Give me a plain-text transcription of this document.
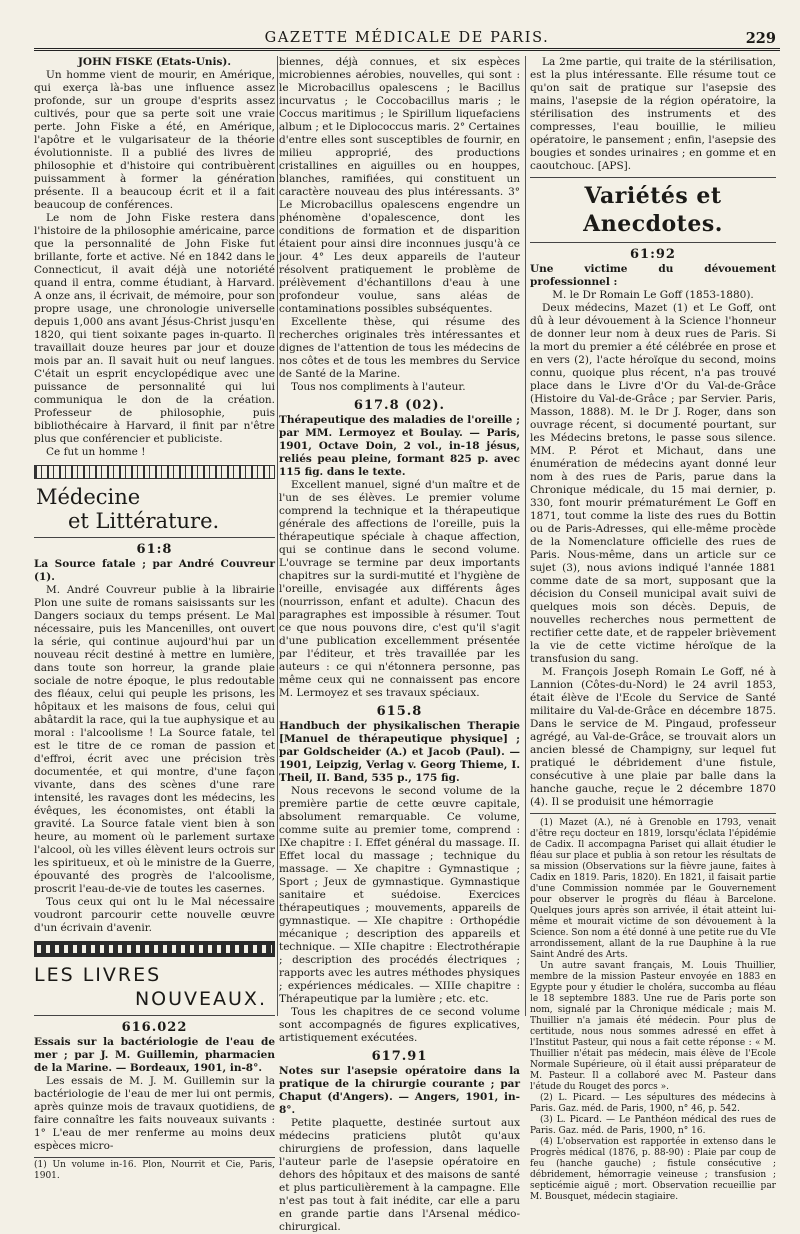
GAZETTE MÉDICALE DE PARIS.	229

JOHN FISKE (Etats-Unis).

Un homme vient de mourir, en Amérique, qui exerça là-bas une influence assez profonde, sur un groupe d'esprits assez cultivés, pour que sa perte soit une vraie perte. John Fiske a été, en Amérique, l'apôtre et le vulgarisateur de la théorie évolutionniste. Il a publié des livres de philosophie et d'histoire qui contribuèrent puissamment à former la génération présente. Il a beaucoup écrit et il a fait beaucoup de conférences.

Le nom de John Fiske restera dans l'histoire de la philosophie américaine, parce que la personnalité de John Fiske fut brillante, forte et active. Né en 1842 dans le Connecticut, il avait déjà une notoriété quand il entra, comme étudiant, à Harvard. A onze ans, il écrivait, de mémoire, pour son propre usage, une chronologie universelle depuis 1,000 ans avant Jésus-Christ jusqu'en 1820, qui tient soixante pages in-quarto. Il travaillait douze heures par jour et douze mois par an. Il savait huit ou neuf langues. C'était un esprit encyclopédique avec une puissance de personnalité qui lui communiqua le don de la création. Professeur de philosophie, puis bibliothécaire à Harvard, il finit par n'être plus que conférencier et publiciste.

Ce fut un homme !

Médecine
et Littérature.

61:8

La Source fatale ; par André Couvreur (1).

M. André Couvreur publie à la librairie Plon une suite de romans saisissants sur les Dangers sociaux du temps présent. Le Mal nécessaire, puis les Mancenilles, ont ouvert la série, qui continue aujourd'hui par un nouveau récit destiné à mettre en lumière, dans toute son horreur, la grande plaie sociale de notre époque, le plus redoutable des fléaux, celui qui peuple les prisons, les hôpitaux et les maisons de fous, celui qui abâtardit la race, qui la tue auphysique et au moral : l'alcoolisme ! La Source fatale, tel est le titre de ce roman de passion et d'effroi, écrit avec une précision très documentée, et qui montre, d'une façon vivante, dans des scènes d'une rare intensité, les ravages dont les médecins, les évêques, les économistes, ont établi la gravité. La Source fatale vient bien à son heure, au moment où le parlement surtaxe l'alcool, où les villes élèvent leurs octrois sur les spiritueux, et où le ministre de la Guerre, épouvanté des progrès de l'alcoolisme, proscrit l'eau-de-vie de toutes les casernes.

Tous ceux qui ont lu le Mal nécessaire voudront parcourir cette nouvelle œuvre d'un écrivain d'avenir.

LES LIVRES
NOUVEAUX.

616.022

Essais sur la bactériologie de l'eau de mer ; par J. M. Guillemin, pharmacien de la Marine. — Bordeaux, 1901, in-8°.

Les essais de M. J. M. Guillemin sur la bactériologie de l'eau de mer lui ont permis, après quinze mois de travaux quotidiens, de faire connaître les faits nouveaux suivants : 1° L'eau de mer renferme au moins deux espèces micro-

(1) Un volume in-16. Plon, Nourrit et Cie, Paris, 1901.

biennes, déjà connues, et six espèces microbiennes aérobies, nouvelles, qui sont : le Microbacillus opalescens ; le Bacillus incurvatus ; le Coccobacillus maris ; le Coccus maritimus ; le Spirillum liquefaciens album ; et le Diplococcus maris. 2° Certaines d'entre elles sont susceptibles de fournir, en milieu approprié, des productions cristallines en aiguilles ou en houppes, blanches, ramifiées, qui constituent un caractère nouveau des plus intéressants. 3° Le Microbacillus opalescens engendre un phénomène d'opalescence, dont les conditions de formation et de disparition étaient pour ainsi dire inconnues jusqu'à ce jour. 4° Les deux appareils de l'auteur résolvent pratiquement le problème de prélèvement d'échantillons d'eau à une profondeur voulue, sans aléas de contaminations possibles subséquentes.

Excellente thèse, qui résume des recherches originales très intéressantes et dignes de l'attention de tous les médecins de nos côtes et de tous les membres du Service de Santé de la Marine.

Tous nos compliments à l'auteur.

617.8 (02).

Thérapeutique des maladies de l'oreille ; par MM. Lermoyez et Boulay. — Paris, 1901, Octave Doin, 2 vol., in-18 jésus, reliés peau pleine, formant 825 p. avec 115 fig. dans le texte.

Excellent manuel, signé d'un maître et de l'un de ses élèves. Le premier volume comprend la technique et la thérapeutique générale des affections de l'oreille, puis la thérapeutique spéciale à chaque affection, qui se continue dans le second volume. L'ouvrage se termine par deux importants chapitres sur la surdi-mutité et l'hygiène de l'oreille, envisagée aux différents âges (nourrisson, enfant et adulte). Chacun des paragraphes est impossible à résumer. Tout ce que nous pouvons dire, c'est qu'il s'agit d'une publication excellemment présentée par l'éditeur, et très travaillée par les auteurs : ce qui n'étonnera personne, pas même ceux qui ne connaissent pas encore M. Lermoyez et ses travaux spéciaux.

615.8

Handbuch der physikalischen Therapie [Manuel de thérapeutique physique] ; par Goldscheider (A.) et Jacob (Paul). — 1901, Leipzig, Verlag v. Georg Thieme, I. Theil, II. Band, 535 p., 175 fig.

Nous recevons le second volume de la première partie de cette œuvre capitale, absolument remarquable. Ce volume, comme suite au premier tome, comprend : IXe chapitre : I. Effet général du massage. II. Effet local du massage ; technique du massage. — Xe chapitre : Gymnastique ; Sport ; Jeux de gymnastique. Gymnastique sanitaire et suédoise. Exercices thérapeutiques ; mouvements, appareils de gymnastique. — XIe chapitre : Orthopédie mécanique ; description des appareils et technique. — XIIe chapitre : Electrothérapie ; description des procédés électriques ; rapports avec les autres méthodes physiques ; expériences médicales. — XIIIe chapitre : Thérapeutique par la lumière ; etc. etc.

Tous les chapitres de ce second volume sont accompagnés de figures explicatives, artistiquement exécutées.

617.91

Notes sur l'asepsie opératoire dans la pratique de la chirurgie courante ; par Chaput (d'Angers). — Angers, 1901, in-8°.

Petite plaquette, destinée surtout aux médecins praticiens plutôt qu'aux chirurgiens de profession, dans laquelle l'auteur parle de l'asepsie opératoire en dehors des hôpitaux et des maisons de santé et plus particulièrement à la campagne. Elle n'est pas tout à fait inédite, car elle a paru en grande partie dans l'Arsenal médico-chirurgical.

La 2me partie, qui traite de la stérilisation, est la plus intéressante. Elle résume tout ce qu'on sait de pratique sur l'asepsie des mains, l'asepsie de la région opératoire, la stérilisation des instruments et des compresses, l'eau bouillie, le milieu opératoire, le pansement ; enfin, l'asepsie des bougies et sondes urinaires ; en gomme et en caoutchouc. [APS].

Variétés et Anecdotes.

61:92

Une victime du dévouement professionnel :

M. le Dr Romain Le Goff (1853-1880).

Deux médecins, Mazet (1) et Le Goff, ont dû à leur dévouement à la Science l'honneur de donner leur nom à deux rues de Paris. Si la mort du premier a été célébrée en prose et en vers (2), l'acte héroïque du second, moins connu, quoique plus récent, n'a pas trouvé place dans le Livre d'Or du Val-de-Grâce (Histoire du Val-de-Grâce ; par Servier. Paris, Masson, 1888). M. le Dr J. Roger, dans son ouvrage récent, si documenté pourtant, sur les Médecins bretons, le passe sous silence. MM. P. Pérot et Michaut, dans une énumération de médecins ayant donné leur nom à des rues de Paris, parue dans la Chronique médicale, du 15 mai dernier, p. 330, font mourir prématurément Le Goff en 1871, tout comme la liste des rues du Bottin ou de Paris-Adresses, qui elle-même procède de la Nomenclature officielle des rues de Paris. Nous-même, dans un article sur ce sujet (3), nous avions indiqué l'année 1881 comme date de sa mort, supposant que la décision du Conseil municipal avait suivi de quelques mois son décès. Depuis, de nouvelles recherches nous permettent de rectifier cette date, et de rappeler brièvement la vie de cette victime héroïque de la transfusion du sang.

M. François Joseph Romain Le Goff, né à Lannion (Côtes-du-Nord) le 24 avril 1853, était élève de l'Ecole du Service de Santé militaire du Val-de-Grâce en décembre 1875. Dans le service de M. Pingaud, professeur agrégé, au Val-de-Grâce, se trouvait alors un ancien blessé de Champigny, sur lequel fut pratiqué le débridement d'une fistule, consécutive à une plaie par balle dans la hanche gauche, reçue le 2 décembre 1870 (4). Il se produisit une hémorragie

(1) Mazet (A.), né à Grenoble en 1793, venait d'être reçu docteur en 1819, lorsqu'éclata l'épidémie de Cadix. Il accompagna Pariset qui allait étudier le fléau sur place et publia à son retour les résultats de sa mission (Observations sur la fièvre jaune, faites à Cadix en 1819. Paris, 1820). En 1821, il faisait partie d'une Commission nommée par le Gouvernement pour observer le progrès du fléau à Barcelone. Quelques jours après son arrivée, il était atteint lui-même et mourait victime de son dévouement à la Science. Son nom a été donné à une petite rue du VIe arrondissement, allant de la rue Dauphine à la rue Saint André des Arts.

Un autre savant français, M. Louis Thuillier, membre de la mission Pasteur envoyée en 1883 en Egypte pour y étudier le choléra, succomba au fléau le 18 septembre 1883. Une rue de Paris porte son nom, signalé par la Chronique médicale ; mais M. Thuillier n'a jamais été médecin. Pour plus de certitude, nous nous sommes adressé en effet à l'Institut Pasteur, qui nous a fait cette réponse : « M. Thuillier n'était pas médecin, mais élève de l'Ecole Normale Supérieure, où il était aussi préparateur de M. Pasteur. Il a collaboré avec M. Pasteur dans l'étude du Rouget des porcs ».

(2) L. Picard. — Les sépultures des médecins à Paris. Gaz. méd. de Paris, 1900, n° 46, p. 542.

(3) L. Picard. — Le Panthéon médical des rues de Paris. Gaz. méd. de Paris, 1900, n° 16.

(4) L'observation est rapportée in extenso dans le Progrès médical (1876, p. 88-90) : Plaie par coup de feu (hanche gauche) ; fistule consécutive ; débridement, hémorragie veineuse ; transfusion ; septicémie aiguë ; mort. Observation recueillie par M. Bousquet, médecin stagiaire.
